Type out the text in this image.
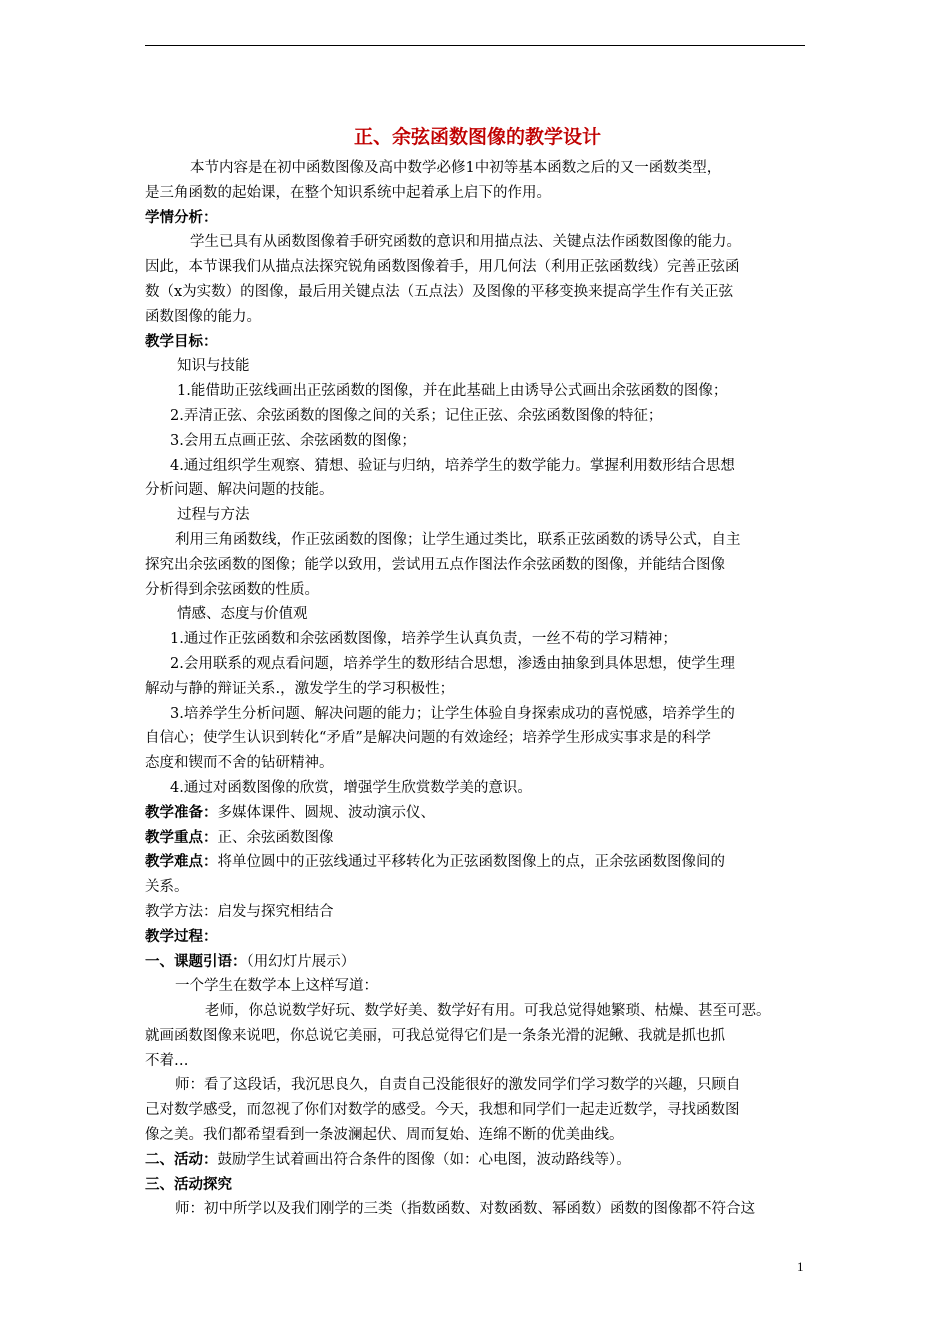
正、余弦函数图像的教学设计
本节内容是在初中函数图像及高中数学必修1中初等基本函数之后的又一函数类型，
是三角函数的起始课，在整个知识系统中起着承上启下的作用。
学情分析：
学生已具有从函数图像着手研究函数的意识和用描点法、关键点法作函数图像的能力。
因此，本节课我们从描点法探究锐角函数图像着手，用几何法（利用正弦函数线）完善正弦函
数（x为实数）的图像，最后用关键点法（五点法）及图像的平移变换来提高学生作有关正弦
函数图像的能力。
教学目标：
知识与技能
1.能借助正弦线画出正弦函数的图像，并在此基础上由诱导公式画出余弦函数的图像；
2.弄清正弦、余弦函数的图像之间的关系；记住正弦、余弦函数图像的特征；
3.会用五点画正弦、余弦函数的图像；
4.通过组织学生观察、猜想、验证与归纳，培养学生的数学能力。掌握利用数形结合思想
分析问题、解决问题的技能。
过程与方法
利用三角函数线，作正弦函数的图像；让学生通过类比，联系正弦函数的诱导公式，自主
探究出余弦函数的图像；能学以致用，尝试用五点作图法作余弦函数的图像，并能结合图像
分析得到余弦函数的性质。
情感、态度与价值观
1.通过作正弦函数和余弦函数图像，培养学生认真负责，一丝不苟的学习精神；
2.会用联系的观点看问题，培养学生的数形结合思想，渗透由抽象到具体思想，使学生理
解动与静的辩证关系.，激发学生的学习积极性；
3.培养学生分析问题、解决问题的能力；让学生体验自身探索成功的喜悦感，培养学生的
自信心；使学生认识到转化“矛盾”是解决问题的有效途经；培养学生形成实事求是的科学
态度和锲而不舍的钻研精神。
4.通过对函数图像的欣赏，增强学生欣赏数学美的意识。
教学准备：多媒体课件、圆规、波动演示仪、
教学重点：正、余弦函数图像
教学难点：将单位圆中的正弦线通过平移转化为正弦函数图像上的点，正余弦函数图像间的
关系。
教学方法：启发与探究相结合
教学过程：
一、课题引语：（用幻灯片展示）
一个学生在数学本上这样写道：
老师，你总说数学好玩、数学好美、数学好有用。可我总觉得她繁琐、枯燥、甚至可恶。
就画函数图像来说吧，你总说它美丽，可我总觉得它们是一条条光滑的泥鳅、我就是抓也抓
不着…
师：看了这段话，我沉思良久，自责自己没能很好的激发同学们学习数学的兴趣，只顾自
己对数学感受，而忽视了你们对数学的感受。今天，我想和同学们一起走近数学，寻找函数图
像之美。我们都希望看到一条波澜起伏、周而复始、连绵不断的优美曲线。
二、活动：鼓励学生试着画出符合条件的图像（如：心电图，波动路线等）。
三、活动探究
师：初中所学以及我们刚学的三类（指数函数、对数函数、幂函数）函数的图像都不符合这
1
